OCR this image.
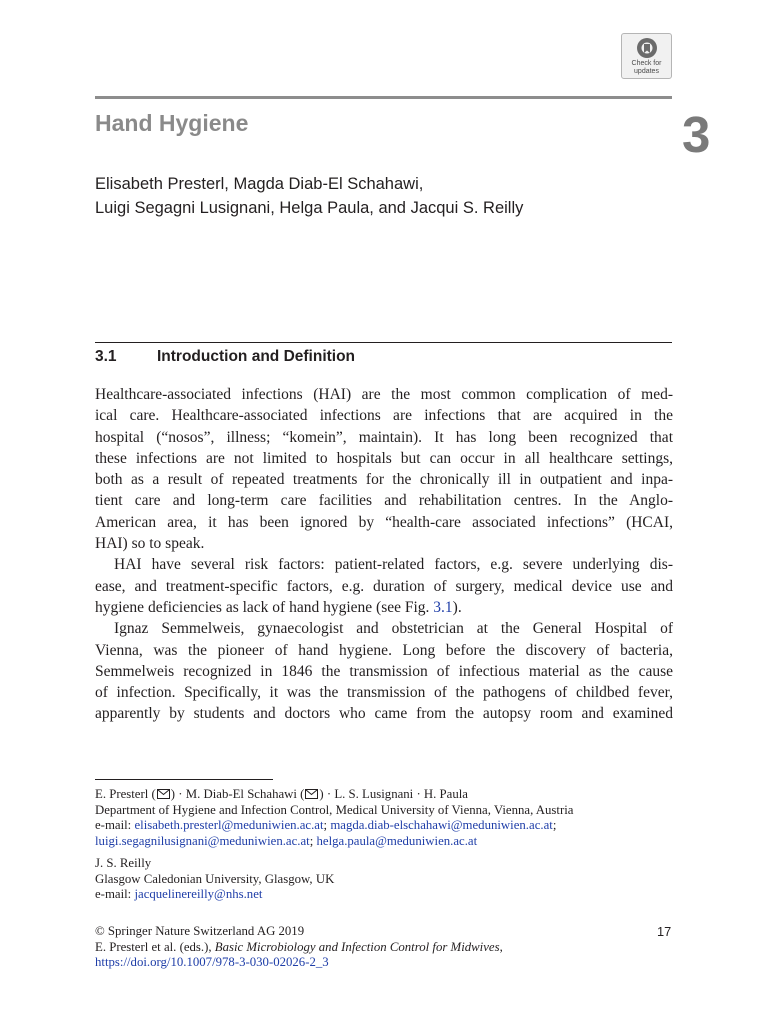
Check for
updates
Hand Hygiene	3
Elisabeth Presterl, Magda Diab-El Schahawi,
Luigi Segagni Lusignani, Helga Paula, and Jacqui S. Reilly
3.1	Introduction and Definition
Healthcare-associated infections (HAI) are the most common complication of med-
ical care. Healthcare-associated infections are infections that are acquired in the
hospital (“nosos”, illness; “komein”, maintain). It has long been recognized that
these infections are not limited to hospitals but can occur in all healthcare settings,
both as a result of repeated treatments for the chronically ill in outpatient and inpa-
tient care and long-term care facilities and rehabilitation centres. In the Anglo-
American area, it has been ignored by “health-care associated infections” (HCAI,
HAI) so to speak.
HAI have several risk factors: patient-related factors, e.g. severe underlying dis-
ease, and treatment-specific factors, e.g. duration of surgery, medical device use and
hygiene deficiencies as lack of hand hygiene (see Fig. 3.1).
Ignaz Semmelweis, gynaecologist and obstetrician at the General Hospital of
Vienna, was the pioneer of hand hygiene. Long before the discovery of bacteria,
Semmelweis recognized in 1846 the transmission of infectious material as the cause
of infection. Specifically, it was the transmission of the pathogens of childbed fever,
apparently by students and doctors who came from the autopsy room and examined
E. Presterl ( ) · M. Diab-El Schahawi ( ) · L. S. Lusignani · H. Paula
Department of Hygiene and Infection Control, Medical University of Vienna, Vienna, Austria
e-mail: elisabeth.presterl@meduniwien.ac.at; magda.diab-elschahawi@meduniwien.ac.at;
luigi.segagnilusignani@meduniwien.ac.at; helga.paula@meduniwien.ac.at
J. S. Reilly
Glasgow Caledonian University, Glasgow, UK
e-mail: jacquelinereilly@nhs.net
© Springer Nature Switzerland AG 2019
E. Presterl et al. (eds.), Basic Microbiology and Infection Control for Midwives,
https://doi.org/10.1007/978-3-030-02026-2_3
17
